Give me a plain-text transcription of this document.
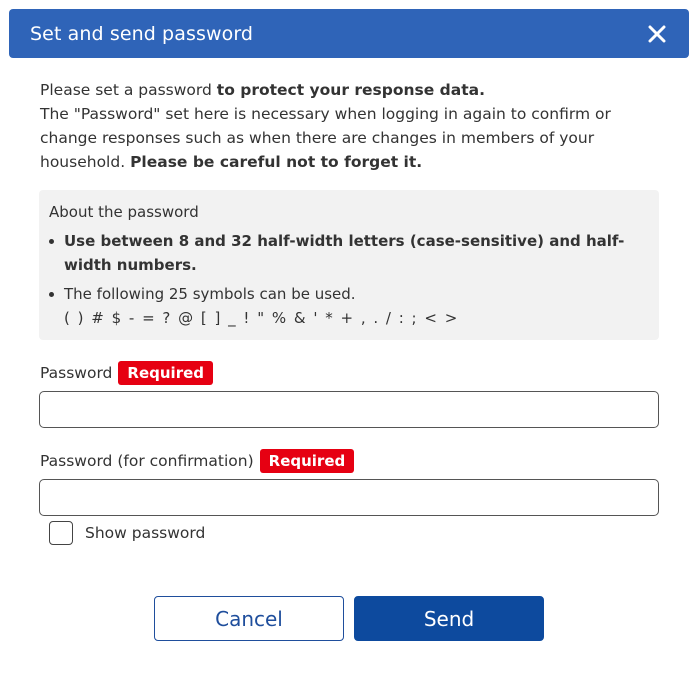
Set and send password
Please set a password to protect your response data.
The "Password" set here is necessary when logging in again to confirm or change responses such as when there are changes in members of your household. Please be careful not to forget it.
About the password
Use between 8 and 32 half-width letters (case-sensitive) and half-width numbers.
The following 25 symbols can be used.
( ) # $ - = ? @ [ ] _ ! " % & ' * + , . / : ; < >
Password	Required
Password (for confirmation)	Required
Show password
Cancel	Send
